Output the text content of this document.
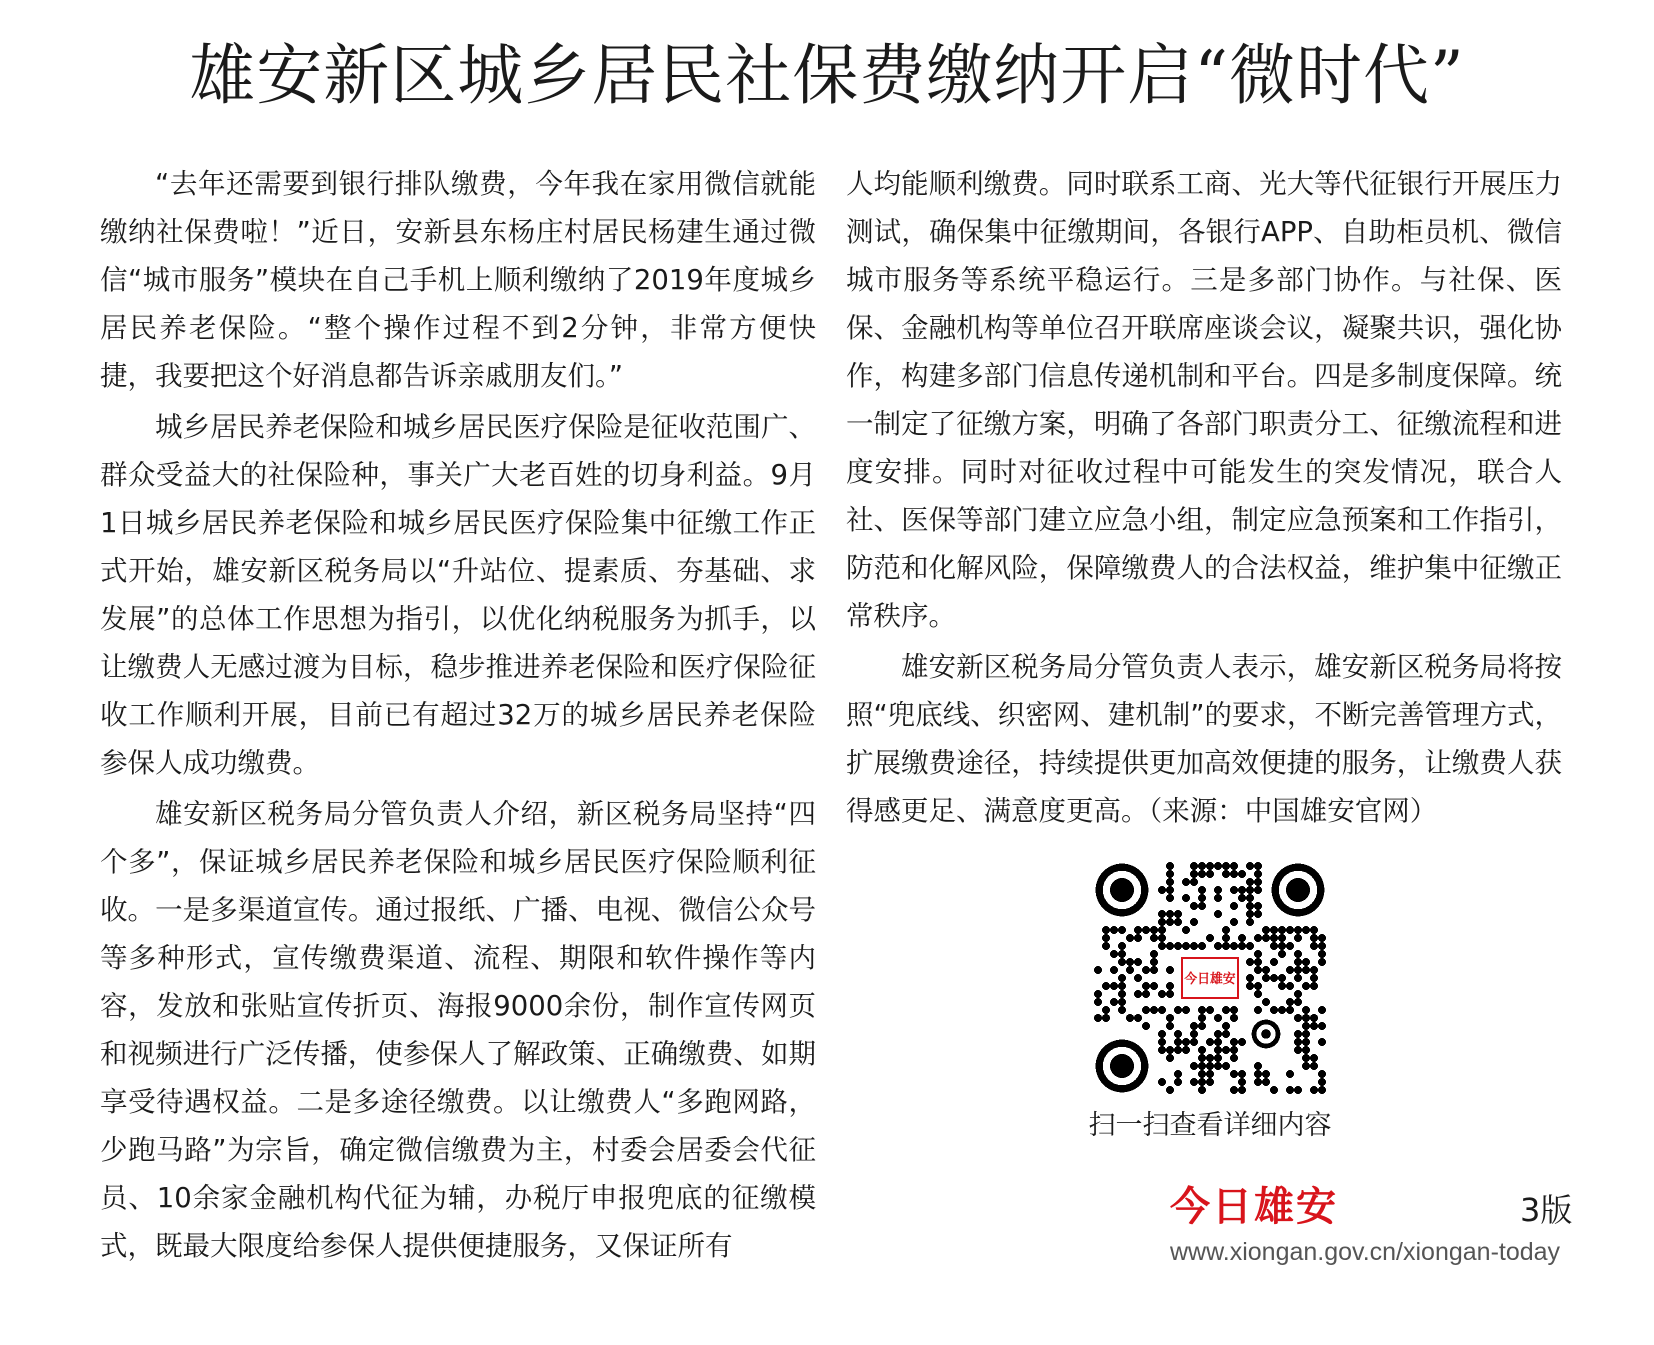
雄安新区城乡居民社保费缴纳开启“微时代”

“去年还需要到银行排队缴费，今年我在家用微信就能缴纳社保费啦！”近日，安新县东杨庄村居民杨建生通过微信“城市服务”模块在自己手机上顺利缴纳了2019年度城乡居民养老保险。“整个操作过程不到2分钟，非常方便快捷，我要把这个好消息都告诉亲戚朋友们。”

城乡居民养老保险和城乡居民医疗保险是征收范围广、群众受益大的社保险种，事关广大老百姓的切身利益。9月1日城乡居民养老保险和城乡居民医疗保险集中征缴工作正式开始，雄安新区税务局以“升站位、提素质、夯基础、求发展”的总体工作思想为指引，以优化纳税服务为抓手，以让缴费人无感过渡为目标，稳步推进养老保险和医疗保险征收工作顺利开展，目前已有超过32万的城乡居民养老保险参保人成功缴费。

雄安新区税务局分管负责人介绍，新区税务局坚持“四个多”，保证城乡居民养老保险和城乡居民医疗保险顺利征收。一是多渠道宣传。通过报纸、广播、电视、微信公众号等多种形式，宣传缴费渠道、流程、期限和软件操作等内容，发放和张贴宣传折页、海报9000余份，制作宣传网页和视频进行广泛传播，使参保人了解政策、正确缴费、如期享受待遇权益。二是多途径缴费。以让缴费人“多跑网路，少跑马路”为宗旨，确定微信缴费为主，村委会居委会代征员、10余家金融机构代征为辅，办税厅申报兜底的征缴模式，既最大限度给参保人提供便捷服务，又保证所有

人均能顺利缴费。同时联系工商、光大等代征银行开展压力测试，确保集中征缴期间，各银行APP、自助柜员机、微信城市服务等系统平稳运行。三是多部门协作。与社保、医保、金融机构等单位召开联席座谈会议，凝聚共识，强化协作，构建多部门信息传递机制和平台。四是多制度保障。统一制定了征缴方案，明确了各部门职责分工、征缴流程和进度安排。同时对征收过程中可能发生的突发情况，联合人社、医保等部门建立应急小组，制定应急预案和工作指引，防范和化解风险，保障缴费人的合法权益，维护集中征缴正常秩序。

雄安新区税务局分管负责人表示，雄安新区税务局将按照“兜底线、织密网、建机制”的要求，不断完善管理方式，扩展缴费途径，持续提供更加高效便捷的服务，让缴费人获得感更足、满意度更高。（来源：中国雄安官网）

今日雄安
扫一扫查看详细内容
今日雄安	3版
www.xiongan.gov.cn/xiongan-today
